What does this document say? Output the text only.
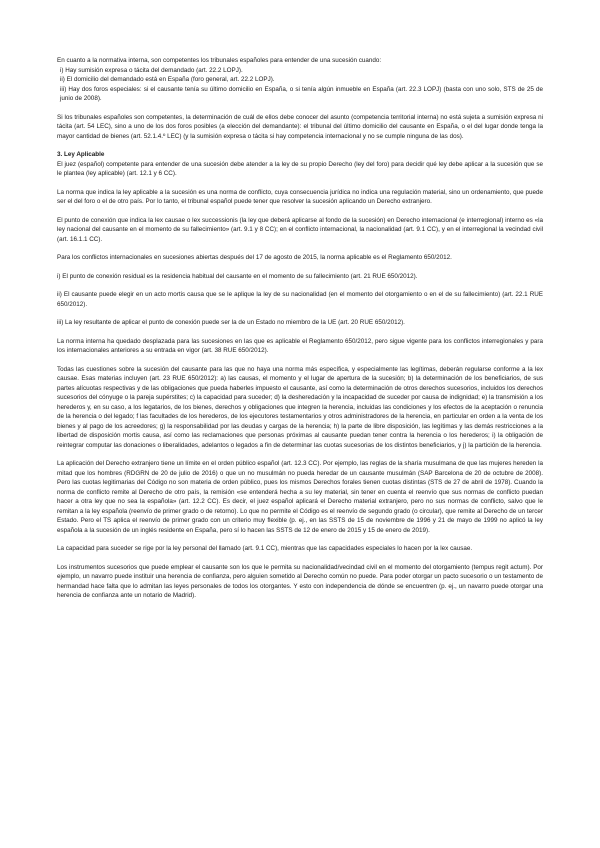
En cuanto a la normativa interna, son competentes los tribunales españoles para entender de una sucesión cuando:

i) Hay sumisión expresa o tácita del demandado (art. 22.2 LOPJ).

ii) El domicilio del demandado está en España (foro general, art. 22.2 LOPJ).

iii) Hay dos foros especiales: si el causante tenía su último domicilio en España, o si tenía algún inmueble en España (art. 22.3 LOPJ) (basta con uno solo, STS de 25 de junio de 2008).

Si los tribunales españoles son competentes, la determinación de cuál de ellos debe conocer del asunto (competencia territorial interna) no está sujeta a sumisión expresa ni tácita (art. 54 LEC), sino a uno de los dos foros posibles (a elección del demandante): el tribunal del último domicilio del causante en España, o el del lugar donde tenga la mayor cantidad de bienes (art. 52.1.4.º LEC) (y la sumisión expresa o tácita si hay competencia internacional y no se cumple ninguna de las dos).

3. Ley Aplicable

El juez (español) competente para entender de una sucesión debe atender a la ley de su propio Derecho (ley del foro) para decidir qué ley debe aplicar a la sucesión que se le plantea (ley aplicable) (art. 12.1 y 6 CC).

La norma que indica la ley aplicable a la sucesión es una norma de conflicto, cuya consecuencia jurídica no indica una regulación material, sino un ordenamiento, que puede ser el del foro o el de otro país. Por lo tanto, el tribunal español puede tener que resolver la sucesión aplicando un Derecho extranjero.

El punto de conexión que indica la lex causae o lex successionis (la ley que deberá aplicarse al fondo de la sucesión) en Derecho internacional (e interregional) interno es «la ley nacional del causante en el momento de su fallecimiento» (art. 9.1 y 8 CC); en el conflicto internacional, la nacionalidad (art. 9.1 CC), y en el interregional la vecindad civil (art. 16.1.1 CC).

Para los conflictos internacionales en sucesiones abiertas después del 17 de agosto de 2015, la norma aplicable es el Reglamento 650/2012.

i) El punto de conexión residual es la residencia habitual del causante en el momento de su fallecimiento (art. 21 RUE 650/2012).

ii) El causante puede elegir en un acto mortis causa que se le aplique la ley de su nacionalidad (en el momento del otorgamiento o en el de su fallecimiento) (art. 22.1 RUE 650/2012).

iii) La ley resultante de aplicar el punto de conexión puede ser la de un Estado no miembro de la UE (art. 20 RUE 650/2012).

La norma interna ha quedado desplazada para las sucesiones en las que es aplicable el Reglamento 650/2012, pero sigue vigente para los conflictos interregionales y para los internacionales anteriores a su entrada en vigor (art. 38 RUE 650/2012).

Todas las cuestiones sobre la sucesión del causante para las que no haya una norma más específica, y especialmente las legítimas, deberán regularse conforme a la lex causae. Esas materias incluyen (art. 23 RUE 650/2012): a) las causas, el momento y el lugar de apertura de la sucesión; b) la determinación de los beneficiarios, de sus partes alícuotas respectivas y de las obligaciones que pueda haberles impuesto el causante, así como la determinación de otros derechos sucesorios, incluidos los derechos sucesorios del cónyuge o la pareja supérstites; c) la capacidad para suceder; d) la desheredación y la incapacidad de suceder por causa de indignidad; e) la transmisión a los herederos y, en su caso, a los legatarios, de los bienes, derechos y obligaciones que integren la herencia, incluidas las condiciones y los efectos de la aceptación o renuncia de la herencia o del legado; f las facultades de los herederos, de los ejecutores testamentarios y otros administradores de la herencia, en particular en orden a la venta de los bienes y al pago de los acreedores; g) la responsabilidad por las deudas y cargas de la herencia; h) la parte de libre disposición, las legítimas y las demás restricciones a la libertad de disposición mortis causa, así como las reclamaciones que personas próximas al causante puedan tener contra la herencia o los herederos; i) la obligación de reintegrar computar las donaciones o liberalidades, adelantos o legados a fin de determinar las cuotas sucesorias de los distintos beneficiarios, y j) la partición de la herencia.

La aplicación del Derecho extranjero tiene un límite en el orden público español (art. 12.3 CC). Por ejemplo, las reglas de la sharía musulmana de que las mujeres hereden la mitad que los hombres (RDGRN de 20 de julio de 2016) o que un no musulmán no pueda heredar de un causante musulmán (SAP Barcelona de 20 de octubre de 2008). Pero las cuotas legitimarias del Código no son materia de orden público, pues los mismos Derechos forales tienen cuotas distintas (STS de 27 de abril de 1978). Cuando la norma de conflicto remite al Derecho de otro país, la remisión «se entenderá hecha a su ley material, sin tener en cuenta el reenvío que sus normas de conflicto puedan hacer a otra ley que no sea la española» (art. 12.2 CC). Es decir, el juez español aplicará el Derecho material extranjero, pero no sus normas de conflicto, salvo que le remitan a la ley española (reenvío de primer grado o de retorno). Lo que no permite el Código es el reenvío de segundo grado (o circular), que remite al Derecho de un tercer Estado. Pero el TS aplica el reenvío de primer grado con un criterio muy flexible (p. ej., en las SSTS de 15 de noviembre de 1996 y 21 de mayo de 1999 no aplicó la ley española a la sucesión de un inglés residente en España, pero sí lo hacen las SSTS de 12 de enero de 2015 y 15 de enero de 2019).

La capacidad para suceder se rige por la ley personal del llamado (art. 9.1 CC), mientras que las capacidades especiales lo hacen por la lex causae.

Los instrumentos sucesorios que puede emplear el causante son los que le permita su nacionalidad/vecindad civil en el momento del otorgamiento (tempus regit actum). Por ejemplo, un navarro puede instituir una herencia de confianza, pero alguien sometido al Derecho común no puede. Para poder otorgar un pacto sucesorio o un testamento de hermandad hace falta que lo admitan las leyes personales de todos los otorgantes. Y esto con independencia de dónde se encuentren (p. ej., un navarro puede otorgar una herencia de confianza ante un notario de Madrid).
